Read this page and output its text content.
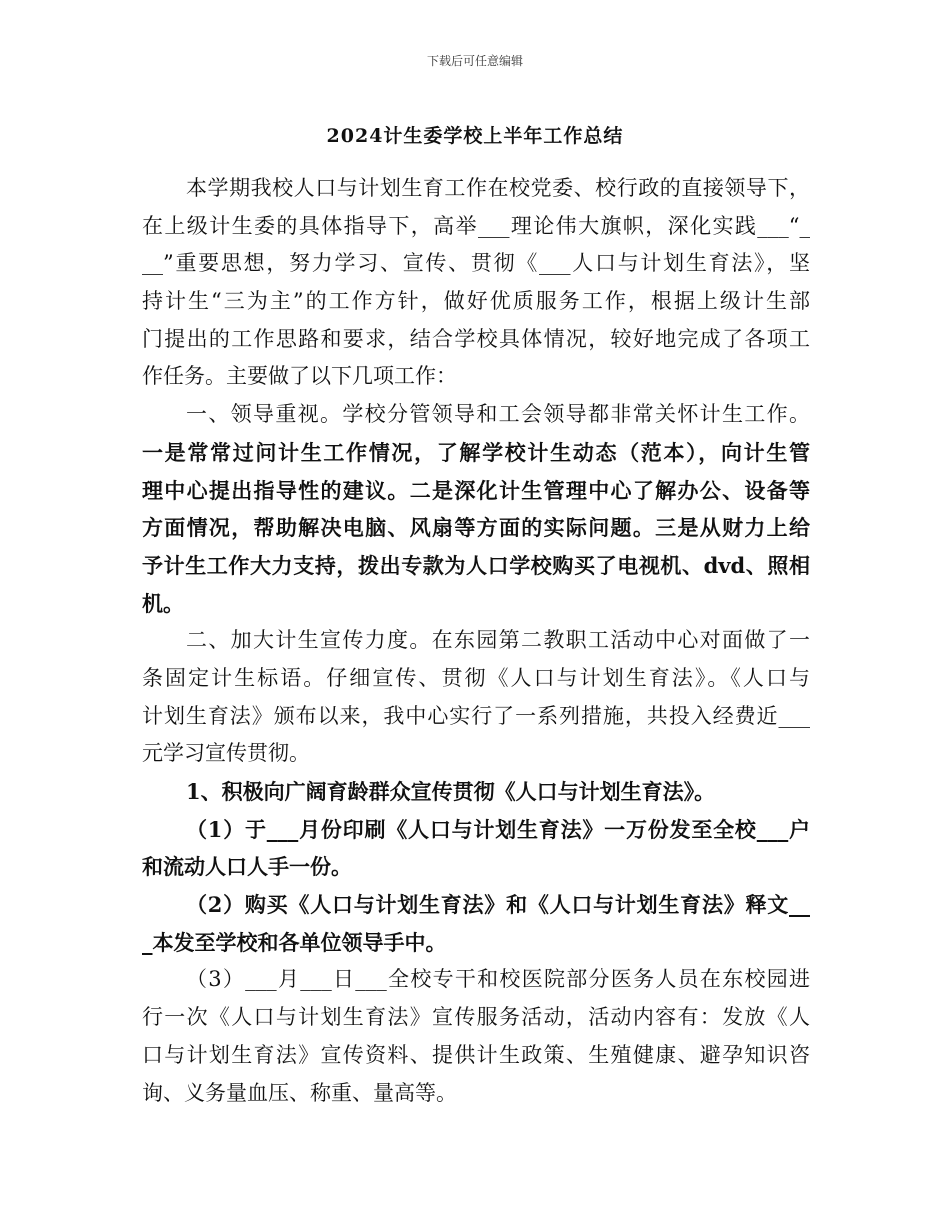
下载后可任意编辑
2024计生委学校上半年工作总结
本学期我校人口与计划生育工作在校党委、校行政的直接领导下，
在上级计生委的具体指导下，高举___理论伟大旗帜，深化实践___“_
__”重要思想，努力学习、宣传、贯彻《___人口与计划生育法》，坚
持计生“三为主”的工作方针，做好优质服务工作，根据上级计生部
门提出的工作思路和要求，结合学校具体情况，较好地完成了各项工
作任务。主要做了以下几项工作：
一、领导重视。学校分管领导和工会领导都非常关怀计生工作。
一是常常过问计生工作情况，了解学校计生动态（范本），向计生管
理中心提出指导性的建议。二是深化计生管理中心了解办公、设备等
方面情况，帮助解决电脑、风扇等方面的实际问题。三是从财力上给
予计生工作大力支持，拨出专款为人口学校购买了电视机、dvd、照相
机。
二、加大计生宣传力度。在东园第二教职工活动中心对面做了一
条固定计生标语。仔细宣传、贯彻《人口与计划生育法》。《人口与
计划生育法》颁布以来，我中心实行了一系列措施，共投入经费近___
元学习宣传贯彻。
1、积极向广阔育龄群众宣传贯彻《人口与计划生育法》。
（1）于___月份印刷《人口与计划生育法》一万份发至全校___户
和流动人口人手一份。
（2）购买《人口与计划生育法》和《人口与计划生育法》释文__
_本发至学校和各单位领导手中。
（3）___月___日___全校专干和校医院部分医务人员在东校园进
行一次《人口与计划生育法》宣传服务活动，活动内容有：发放《人
口与计划生育法》宣传资料、提供计生政策、生殖健康、避孕知识咨
询、义务量血压、称重、量高等。
